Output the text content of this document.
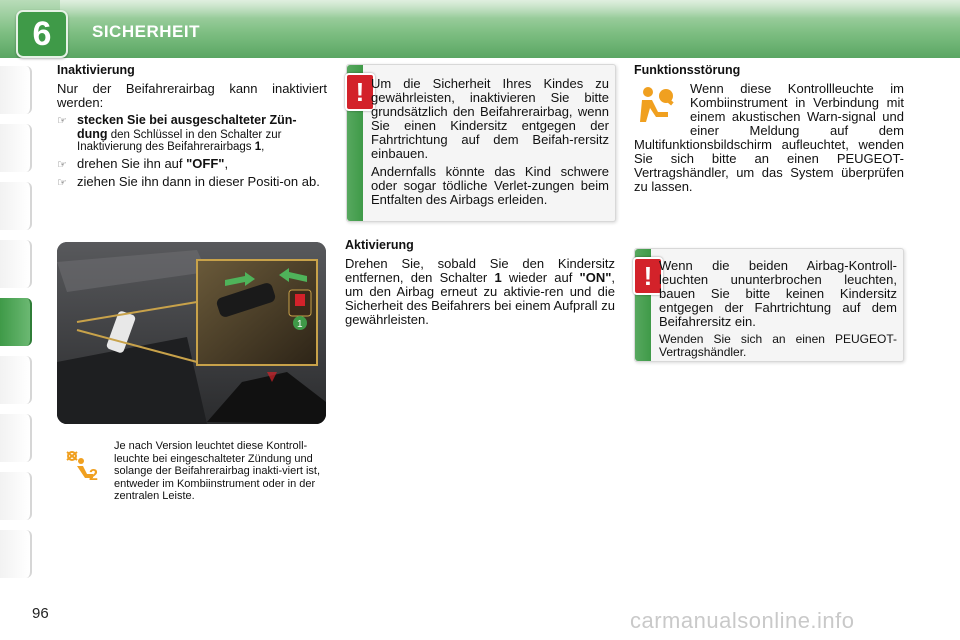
6	SICHERHEIT
Inaktivierung

Nur der Beifahrerairbag kann inaktiviert werden:

☞ stecken Sie bei ausgeschalteter Zün-dung den Schlüssel in den Schalter zur Inaktivierung des Beifahrerairbags 1,
☞ drehen Sie ihn auf "OFF",
☞ ziehen Sie ihn dann in dieser Positi-on ab.
1
2
Je nach Version leuchtet diese Kontroll-leuchte bei eingeschalteter Zündung und solange der Beifahrerairbag inakti-viert ist, entweder im Kombiinstrument oder in der zentralen Leiste.
! Um die Sicherheit Ihres Kindes zu gewährleisten, inaktivieren Sie bitte grundsätzlich den Beifahrerairbag, wenn Sie einen Kindersitz entgegen der Fahrtrichtung auf dem Beifah-rersitz einbauen.

Andernfalls könnte das Kind schwere oder sogar tödliche Verlet-zungen beim Entfalten des Airbags erleiden.

Aktivierung

Drehen Sie, sobald Sie den Kindersitz entfernen, den Schalter 1 wieder auf "ON", um den Airbag erneut zu aktivie-ren und die Sicherheit des Beifahrers bei einem Aufprall zu gewährleisten.

Funktionsstörung

Wenn diese Kontrollleuchte im Kombiinstrument in Verbindung mit einem akustischen Warn-signal und einer Meldung auf dem Multifunktionsbildschirm aufleuchtet, wenden Sie sich bitte an einen PEUGEOT-Vertragshändler, um das System überprüfen zu lassen.

! Wenn die beiden Airbag-Kontroll-leuchten ununterbrochen leuchten, bauen Sie bitte keinen Kindersitz entgegen der Fahrtrichtung auf dem Beifahrersitz ein.

Wenden Sie sich an einen PEUGEOT-Vertragshändler.

96	carmanualsonline.info
